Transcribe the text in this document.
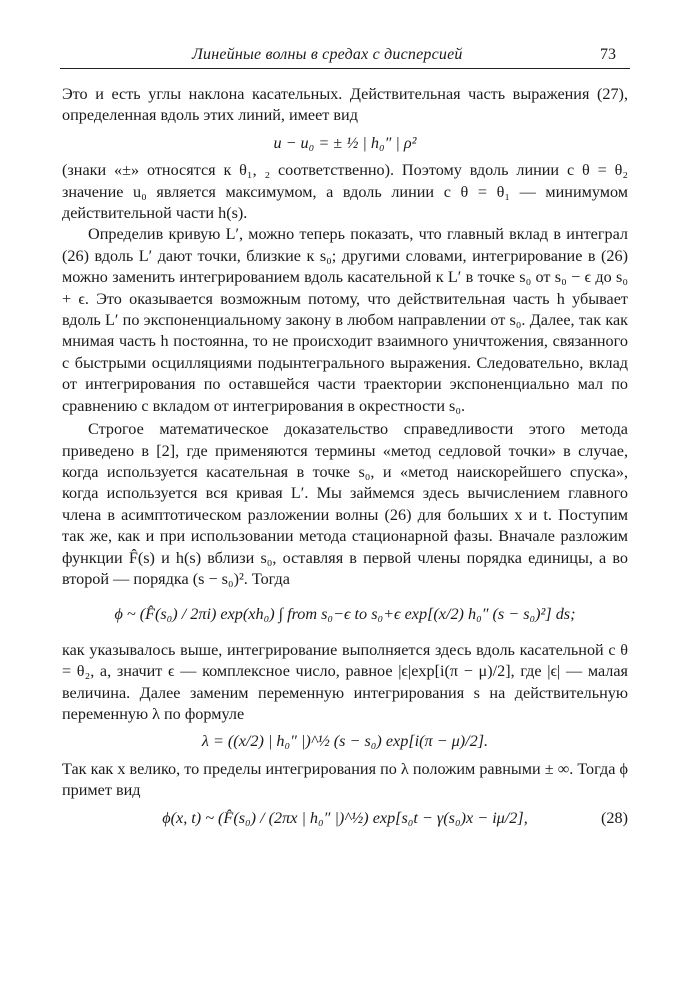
Линейные волны в средах с дисперсией	73

Это и есть углы наклона касательных. Действительная часть выражения (27), определенная вдоль этих линий, имеет вид

u − u₀ = ± ½ | h₀″ | ρ²

(знаки «±» относятся к θ₁, ₂ соответственно). Поэтому вдоль линии с θ = θ₂ значение u₀ является максимумом, а вдоль линии с θ = θ₁ — минимумом действительной части h(s).

Определив кривую L′, можно теперь показать, что главный вклад в интеграл (26) вдоль L′ дают точки, близкие к s₀; другими словами, интегрирование в (26) можно заменить интегрированием вдоль касательной к L′ в точке s₀ от s₀ − ϵ до s₀ + ϵ. Это оказывается возможным потому, что действительная часть h убывает вдоль L′ по экспоненциальному закону в любом направлении от s₀. Далее, так как мнимая часть h постоянна, то не происходит взаимного уничтожения, связанного с быстрыми осцилляциями подынтегрального выражения. Следовательно, вклад от интегрирования по оставшейся части траектории экспоненциально мал по сравнению с вкладом от интегрирования в окрестности s₀.

Строгое математическое доказательство справедливости этого метода приведено в [2], где применяются термины «метод седловой точки» в случае, когда используется касательная в точке s₀, и «метод наискорейшего спуска», когда используется вся кривая L′. Мы займемся здесь вычислением главного члена в асимптотическом разложении волны (26) для больших x и t. Поступим так же, как и при использовании метода стационарной фазы. Вначале разложим функции F̂(s) и h(s) вблизи s₀, оставляя в первой члены порядка единицы, а во второй — порядка (s − s₀)². Тогда

ϕ ~ (F̂(s₀) / 2πi) exp(xh₀) ∫ from s₀−ϵ to s₀+ϵ exp[(x/2) h₀″ (s − s₀)²] ds;

как указывалось выше, интегрирование выполняется здесь вдоль касательной с θ = θ₂, а, значит ϵ — комплексное число, равное |ϵ|exp[i(π − μ)/2], где |ϵ| — малая величина. Далее заменим переменную интегрирования s на действительную переменную λ по формуле

λ = ((x/2) | h₀″ |)^½ (s − s₀) exp[i(π − μ)/2].

Так как x велико, то пределы интегрирования по λ положим равными ± ∞. Тогда ϕ примет вид

ϕ(x, t) ~ (F̂(s₀) / (2πx | h₀″ |)^½) exp[s₀t − γ(s₀)x − iμ/2],	(28)
